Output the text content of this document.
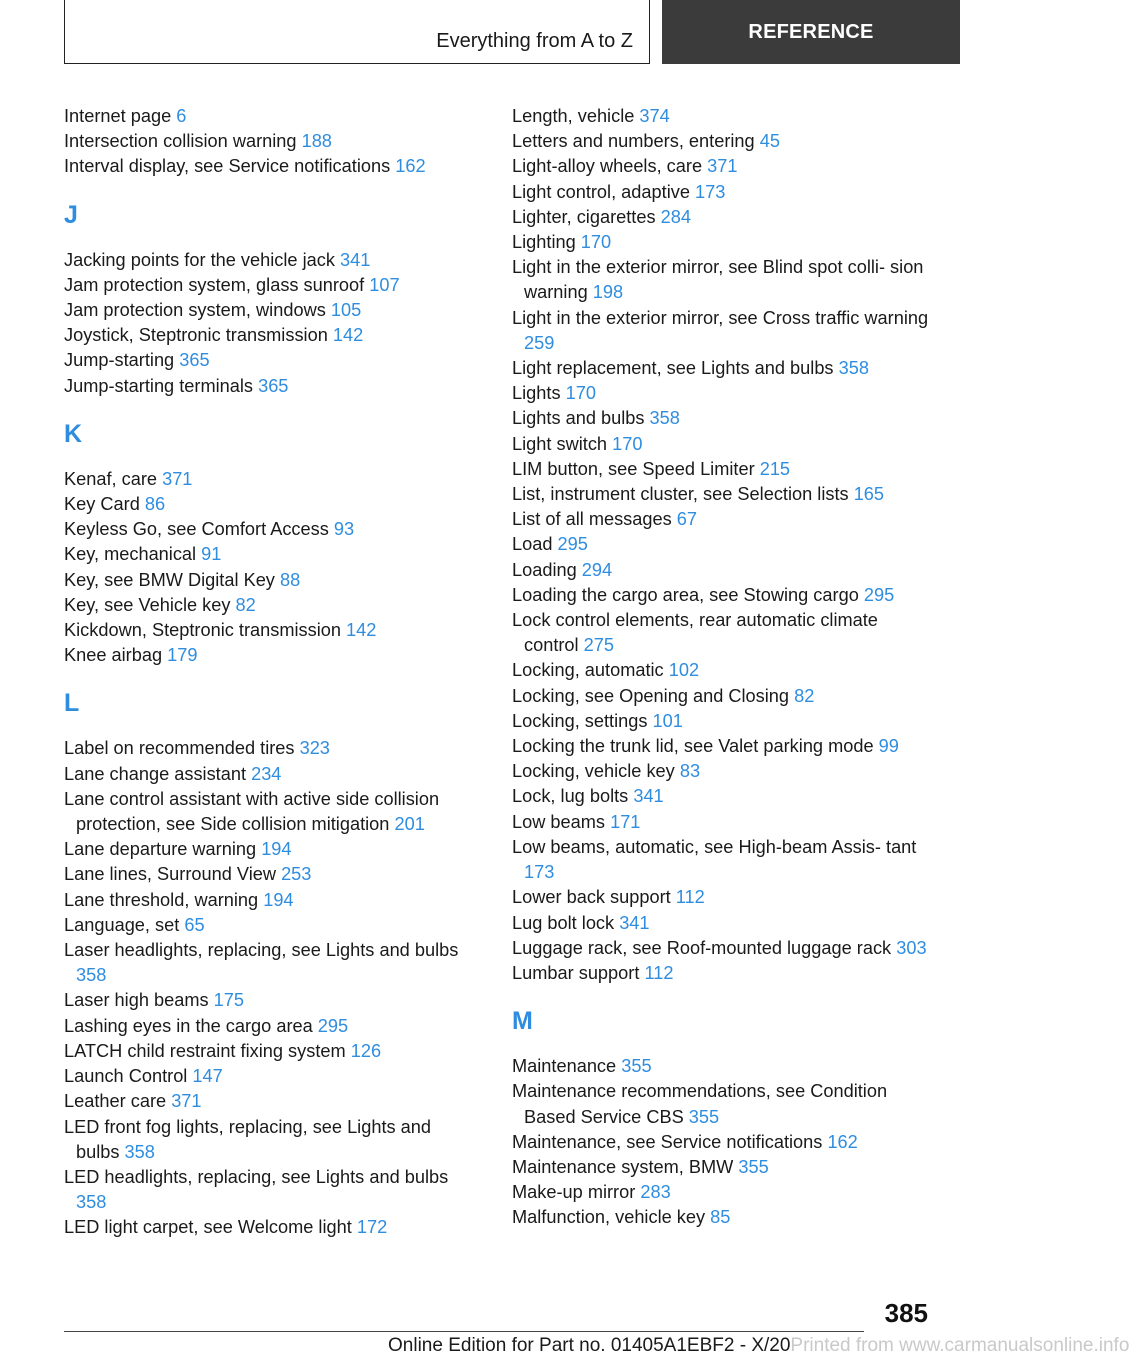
Everything from A to Z	REFERENCE
Internet page 6
Intersection collision warning 188
Interval display, see Service notifications 162
J
Jacking points for the vehicle jack 341
Jam protection system, glass sunroof 107
Jam protection system, windows 105
Joystick, Steptronic transmission 142
Jump-starting 365
Jump-starting terminals 365
K
Kenaf, care 371
Key Card 86
Keyless Go, see Comfort Access 93
Key, mechanical 91
Key, see BMW Digital Key 88
Key, see Vehicle key 82
Kickdown, Steptronic transmission 142
Knee airbag 179
L
Label on recommended tires 323
Lane change assistant 234
Lane control assistant with active side collision protection, see Side collision mitigation 201
Lane departure warning 194
Lane lines, Surround View 253
Lane threshold, warning 194
Language, set 65
Laser headlights, replacing, see Lights and bulbs 358
Laser high beams 175
Lashing eyes in the cargo area 295
LATCH child restraint fixing system 126
Launch Control 147
Leather care 371
LED front fog lights, replacing, see Lights and bulbs 358
LED headlights, replacing, see Lights and bulbs 358
LED light carpet, see Welcome light 172
Length, vehicle 374
Letters and numbers, entering 45
Light-alloy wheels, care 371
Light control, adaptive 173
Lighter, cigarettes 284
Lighting 170
Light in the exterior mirror, see Blind spot colli‐ sion warning 198
Light in the exterior mirror, see Cross traffic warning 259
Light replacement, see Lights and bulbs 358
Lights 170
Lights and bulbs 358
Light switch 170
LIM button, see Speed Limiter 215
List, instrument cluster, see Selection lists 165
List of all messages 67
Load 295
Loading 294
Loading the cargo area, see Stowing cargo 295
Lock control elements, rear automatic climate control 275
Locking, automatic 102
Locking, see Opening and Closing 82
Locking, settings 101
Locking the trunk lid, see Valet parking mode 99
Locking, vehicle key 83
Lock, lug bolts 341
Low beams 171
Low beams, automatic, see High-beam Assis‐ tant 173
Lower back support 112
Lug bolt lock 341
Luggage rack, see Roof-mounted luggage rack 303
Lumbar support 112
M
Maintenance 355
Maintenance recommendations, see Condition Based Service CBS 355
Maintenance, see Service notifications 162
Maintenance system, BMW 355
Make-up mirror 283
Malfunction, vehicle key 85
385
Online Edition for Part no. 01405A1EBF2 - X/20Printed from www.carmanualsonline.info
